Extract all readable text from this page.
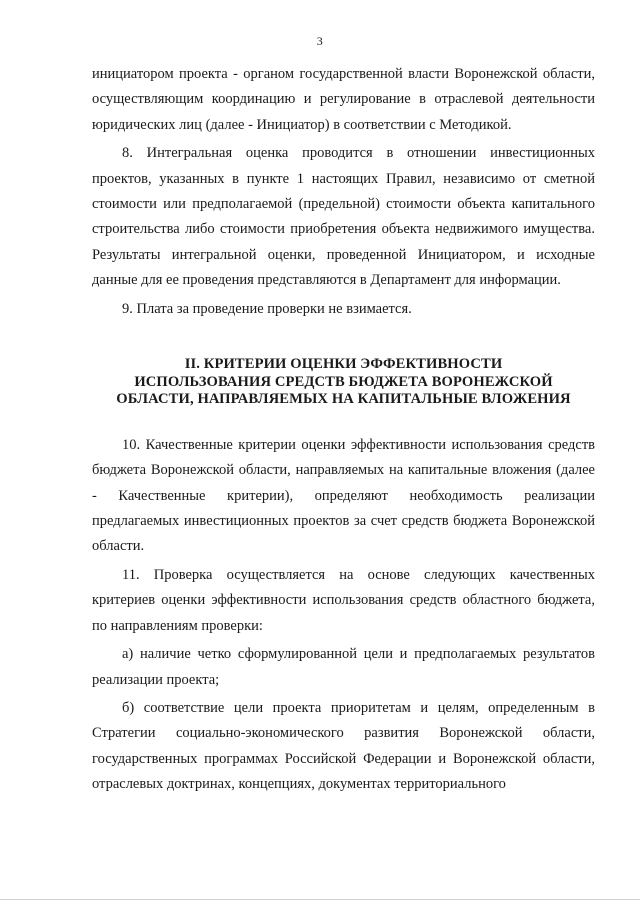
3

инициатором проекта - органом государственной власти Воронежской области, осуществляющим координацию и регулирование в отраслевой деятельности юридических лиц (далее - Инициатор) в соответствии с Методикой.

8. Интегральная оценка проводится в отношении инвестиционных проектов, указанных в пункте 1 настоящих Правил, независимо от сметной стоимости или предполагаемой (предельной) стоимости объекта капитального строительства либо стоимости приобретения объекта недвижимого имущества. Результаты интегральной оценки, проведенной Инициатором, и исходные данные для ее проведения представляются в Департамент для информации.

9. Плата за проведение проверки не взимается.

II. КРИТЕРИИ ОЦЕНКИ ЭФФЕКТИВНОСТИ
ИСПОЛЬЗОВАНИЯ СРЕДСТВ БЮДЖЕТА ВОРОНЕЖСКОЙ
ОБЛАСТИ, НАПРАВЛЯЕМЫХ НА КАПИТАЛЬНЫЕ ВЛОЖЕНИЯ

10. Качественные критерии оценки эффективности использования средств бюджета Воронежской области, направляемых на капитальные вложения (далее - Качественные критерии), определяют необходимость реализации предлагаемых инвестиционных проектов за счет средств бюджета Воронежской области.

11. Проверка осуществляется на основе следующих качественных критериев оценки эффективности использования средств областного бюджета, по направлениям проверки:

а) наличие четко сформулированной цели и предполагаемых результатов реализации проекта;

б) соответствие цели проекта приоритетам и целям, определенным в Стратегии социально-экономического развития Воронежской области, государственных программах Российской Федерации и Воронежской области, отраслевых доктринах, концепциях, документах территориального
